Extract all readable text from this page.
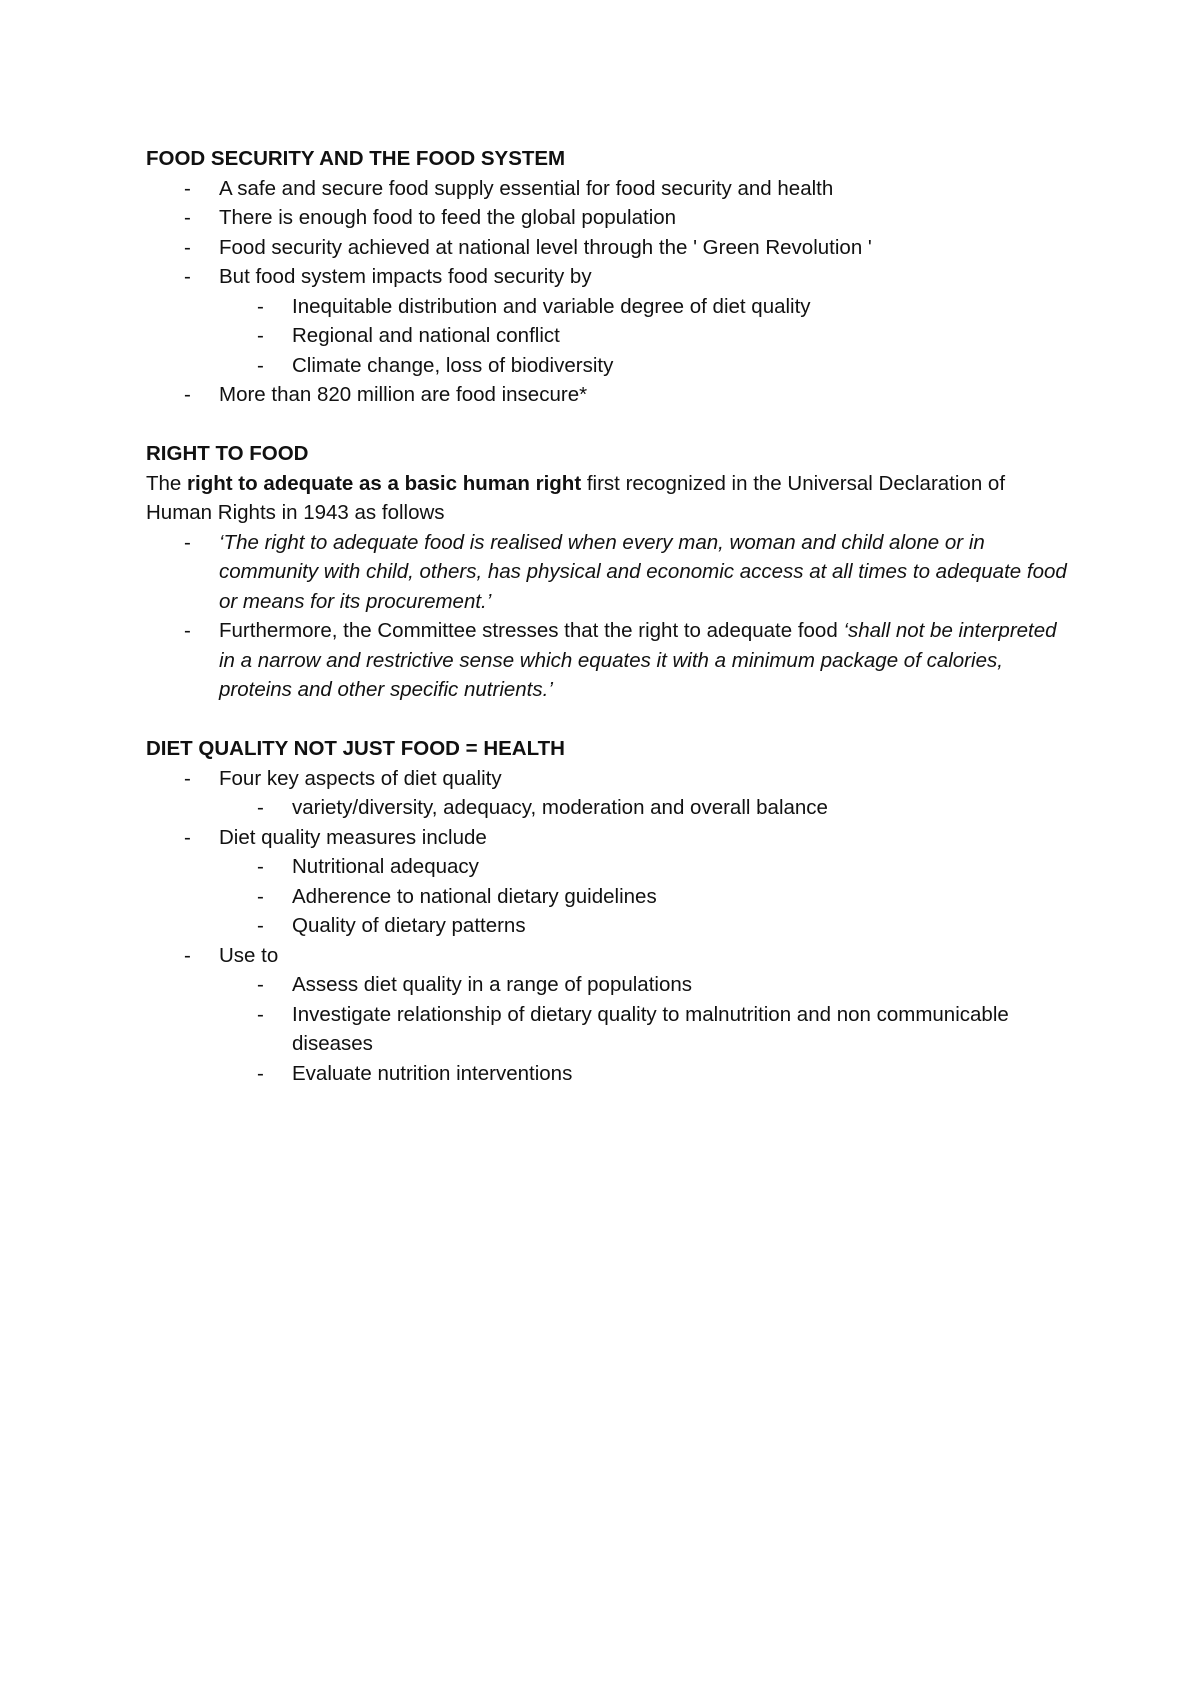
FOOD SECURITY AND THE FOOD SYSTEM

- A safe and secure food supply essential for food security and health
- There is enough food to feed the global population
- Food security achieved at national level through the ' Green Revolution '
- But food system impacts food security by
- Inequitable distribution and variable degree of diet quality
- Regional and national conflict
- Climate change, loss of biodiversity
- More than 820 million are food insecure*

RIGHT TO FOOD

The right to adequate as a basic human right first recognized in the Universal Declaration of Human Rights in 1943 as follows

- ‘The right to adequate food is realised when every man, woman and child alone or in community with child, others, has physical and economic access at all times to adequate food or means for its procurement.’
- Furthermore, the Committee stresses that the right to adequate food ‘shall not be interpreted in a narrow and restrictive sense which equates it with a minimum package of calories, proteins and other specific nutrients.’

DIET QUALITY NOT JUST FOOD = HEALTH

- Four key aspects of diet quality
- variety/diversity, adequacy, moderation and overall balance
- Diet quality measures include
- Nutritional adequacy
- Adherence to national dietary guidelines
- Quality of dietary patterns
- Use to
- Assess diet quality in a range of populations
- Investigate relationship of dietary quality to malnutrition and non communicable diseases
- Evaluate nutrition interventions
